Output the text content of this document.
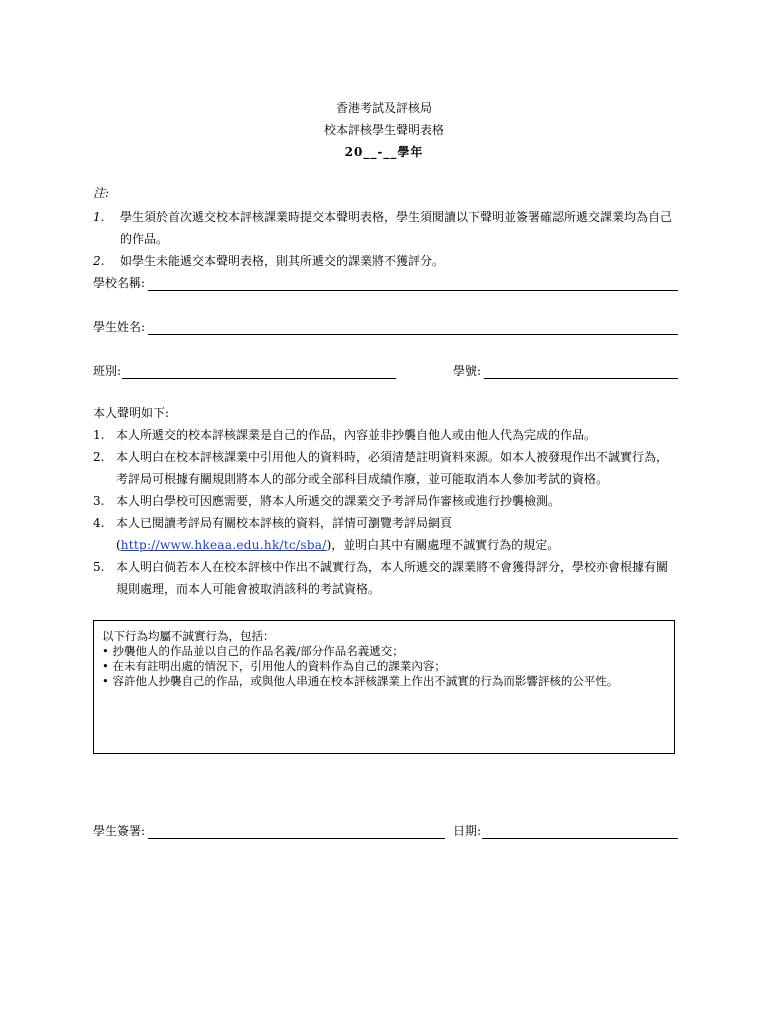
香港考試及評核局
校本評核學生聲明表格
20__-__學年
注:
1.	學生須於首次遞交校本評核課業時提交本聲明表格，學生須閱讀以下聲明並簽署確認所遞交課業均為自己的作品。
2.	如學生未能遞交本聲明表格，則其所遞交的課業將不獲評分。
學校名稱:
學生姓名:
班別:	學號:
本人聲明如下:
1. 本人所遞交的校本評核課業是自己的作品，內容並非抄襲自他人或由他人代為完成的作品。
2. 本人明白在校本評核課業中引用他人的資料時，必須清楚註明資料來源。如本人被發現作出不誠實行為，考評局可根據有關規則將本人的部分或全部科目成績作廢，並可能取消本人參加考試的資格。
3. 本人明白學校可因應需要，將本人所遞交的課業交予考評局作審核或進行抄襲檢測。
4. 本人已閱讀考評局有關校本評核的資料，詳情可瀏覽考評局網頁(http://www.hkeaa.edu.hk/tc/sba/)，並明白其中有關處理不誠實行為的規定。
5. 本人明白倘若本人在校本評核中作出不誠實行為，本人所遞交的課業將不會獲得評分，學校亦會根據有關規則處理，而本人可能會被取消該科的考試資格。
以下行為均屬不誠實行為，包括：
• 抄襲他人的作品並以自己的作品名義/部分作品名義遞交；
• 在未有註明出處的情況下，引用他人的資料作為自己的課業內容；
• 容許他人抄襲自己的作品，或與他人串通在校本評核課業上作出不誠實的行為而影響評核的公平性。
學生簽署:	日期:
